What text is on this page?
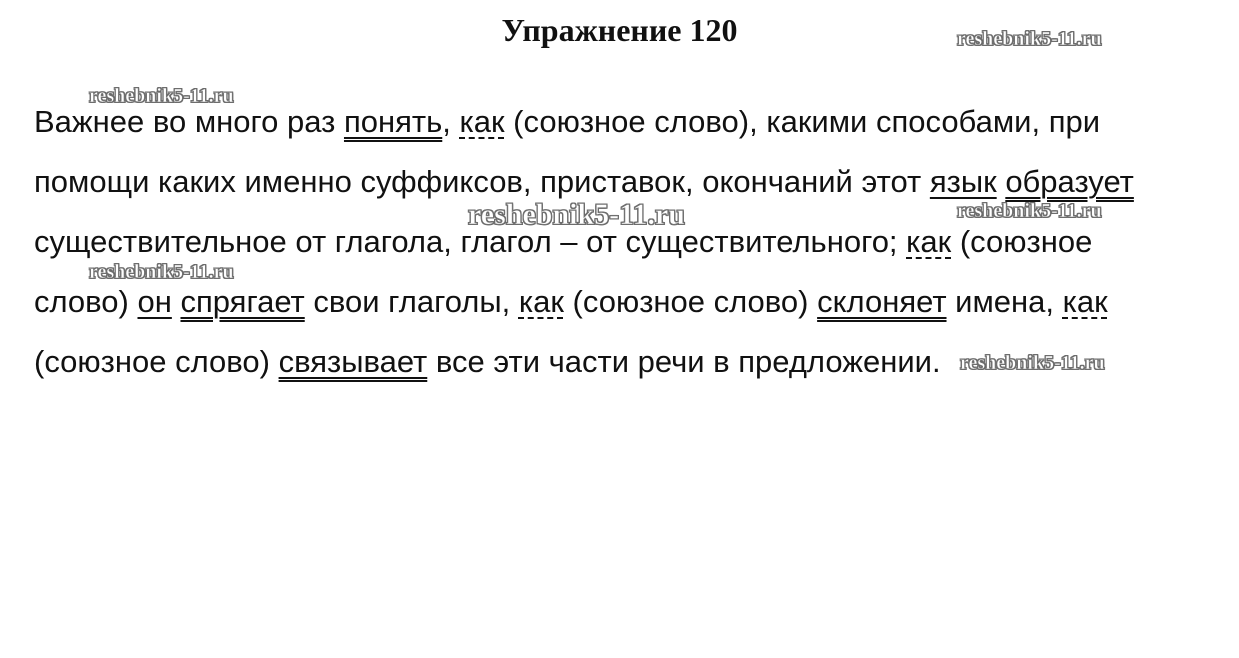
Упражнение 120
Важнее во много раз понять, как (союзное слово), какими способами, при
помощи каких именно суффиксов, приставок, окончаний этот язык образует
существительное от глагола, глагол – от существительного; как (союзное
слово) он спрягает свои глаголы, как (союзное слово) склоняет имена, как
(союзное слово) связывает все эти части речи в предложении.
reshebnik5-11.ru
reshebnik5-11.ru
reshebnik5-11.ru	reshebnik5-11.ru
reshebnik5-11.ru
reshebnik5-11.ru
